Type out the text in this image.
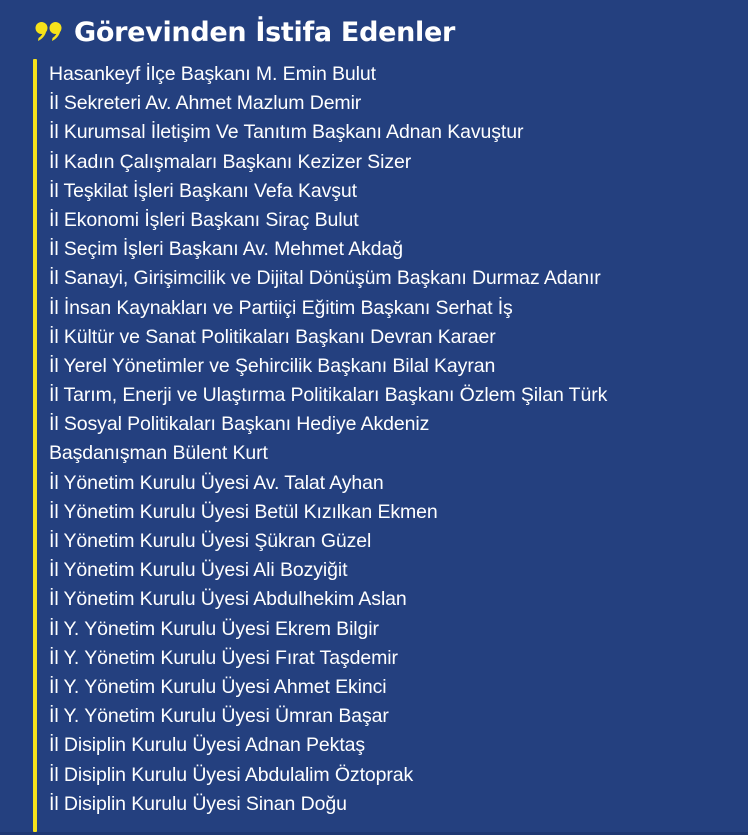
Görevinden İstifa Edenler
Hasankeyf İlçe Başkanı M. Emin Bulut
İl Sekreteri Av. Ahmet Mazlum Demir
İl Kurumsal İletişim Ve Tanıtım Başkanı Adnan Kavuştur
İl Kadın Çalışmaları Başkanı Kezizer Sizer
İl Teşkilat İşleri Başkanı Vefa Kavşut
İl Ekonomi İşleri Başkanı Siraç Bulut
İl Seçim İşleri Başkanı Av. Mehmet Akdağ
İl Sanayi, Girişimcilik ve Dijital Dönüşüm Başkanı Durmaz Adanır
İl İnsan Kaynakları ve Partiiçi Eğitim Başkanı Serhat İş
İl Kültür ve Sanat Politikaları Başkanı Devran Karaer
İl Yerel Yönetimler ve Şehircilik Başkanı Bilal Kayran
İl Tarım, Enerji ve Ulaştırma Politikaları Başkanı Özlem Şilan Türk
İl Sosyal Politikaları Başkanı Hediye Akdeniz
Başdanışman Bülent Kurt
İl Yönetim Kurulu Üyesi Av. Talat Ayhan
İl Yönetim Kurulu Üyesi Betül Kızılkan Ekmen
İl Yönetim Kurulu Üyesi Şükran Güzel
İl Yönetim Kurulu Üyesi Ali Bozyiğit
İl Yönetim Kurulu Üyesi Abdulhekim Aslan
İl Y. Yönetim Kurulu Üyesi Ekrem Bilgir
İl Y. Yönetim Kurulu Üyesi Fırat Taşdemir
İl Y. Yönetim Kurulu Üyesi Ahmet Ekinci
İl Y. Yönetim Kurulu Üyesi Ümran Başar
İl Disiplin Kurulu Üyesi Adnan Pektaş
İl Disiplin Kurulu Üyesi Abdulalim Öztoprak
İl Disiplin Kurulu Üyesi Sinan Doğu
